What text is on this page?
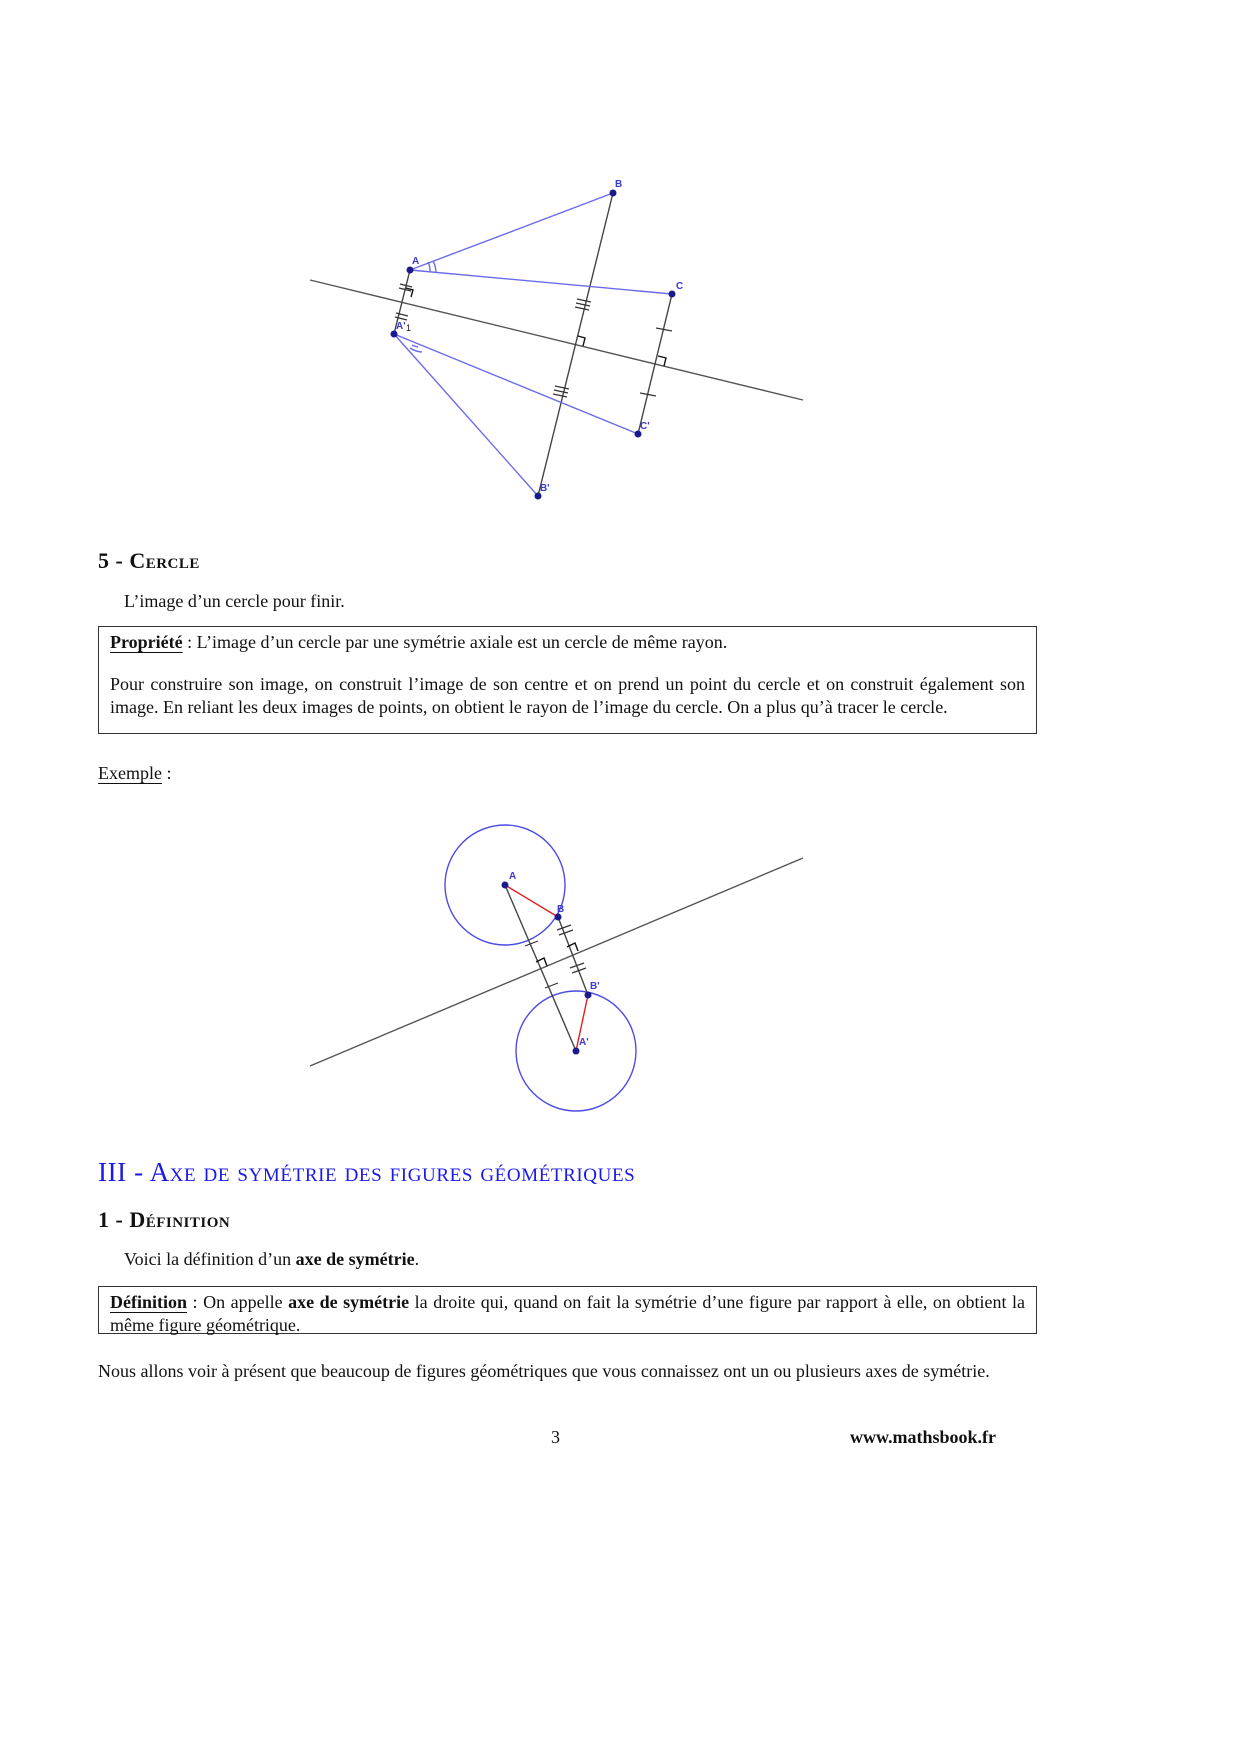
A
A' 1
B
C
B'
C'
5 - Cercle
L’image d’un cercle pour finir.
Propriété : L’image d’un cercle par une symétrie axiale est un cercle de même rayon.
Pour construire son image, on construit l’image de son centre et on prend un point du cercle et on construit également son image. En reliant les deux images de points, on obtient le rayon de l’image du cercle. On a plus qu’à tracer le cercle.
Exemple :
A
B
B'
A'
III - Axe de symétrie des figures géométriques
1 - Définition
Voici la définition d’un axe de symétrie.
Définition : On appelle axe de symétrie la droite qui, quand on fait la symétrie d’une figure par rapport à elle, on obtient la même figure géométrique.
Nous allons voir à présent que beaucoup de figures géométriques que vous connaissez ont un ou plusieurs axes de symétrie.
3	www.mathsbook.fr
